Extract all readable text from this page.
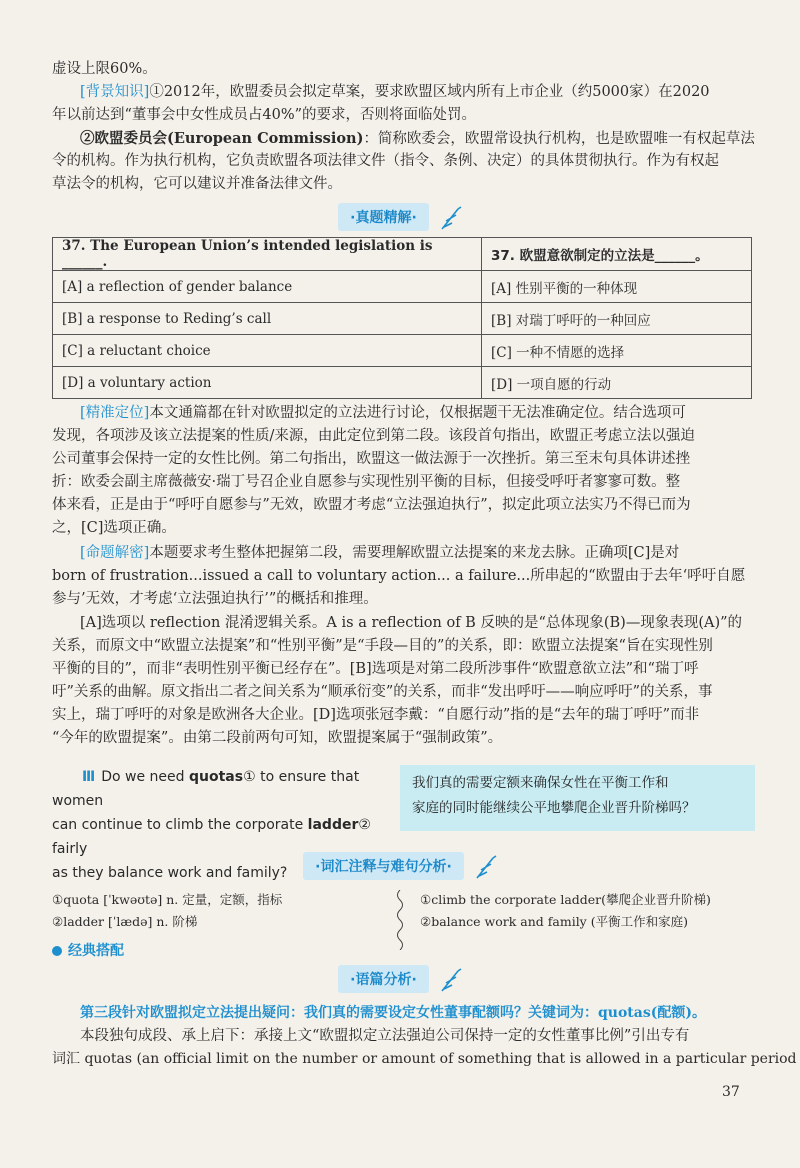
虚设上限60%。
[背景知识]①2012年，欧盟委员会拟定草案，要求欧盟区域内所有上市企业（约5000家）在2020
年以前达到“董事会中女性成员占40%”的要求，否则将面临处罚。
②欧盟委员会(European Commission)：简称欧委会，欧盟常设执行机构，也是欧盟唯一有权起草法
令的机构。作为执行机构，它负责欧盟各项法律文件（指令、条例、决定）的具体贯彻执行。作为有权起
草法令的机构，它可以建议并准备法律文件。
·真题精解·
37. The European Union’s intended legislation is ______.	37. 欧盟意欲制定的立法是______。
[A] a reflection of gender balance	[A] 性别平衡的一种体现
[B] a response to Reding’s call	[B] 对瑞丁呼吁的一种回应
[C] a reluctant choice	[C] 一种不情愿的选择
[D] a voluntary action	[D] 一项自愿的行动
[精准定位]本文通篇都在针对欧盟拟定的立法进行讨论，仅根据题干无法准确定位。结合选项可
发现，各项涉及该立法提案的性质/来源，由此定位到第二段。该段首句指出，欧盟正考虑立法以强迫
公司董事会保持一定的女性比例。第二句指出，欧盟这一做法源于一次挫折。第三至末句具体讲述挫
折：欧委会副主席薇薇安·瑞丁号召企业自愿参与实现性别平衡的目标，但接受呼吁者寥寥可数。整
体来看，正是由于“呼吁自愿参与”无效，欧盟才考虑“立法强迫执行”，拟定此项立法实乃不得已而为
之，[C]选项正确。
[命题解密]本题要求考生整体把握第二段，需要理解欧盟立法提案的来龙去脉。正确项[C]是对
born of frustration...issued a call to voluntary action... a failure...所串起的“欧盟由于去年‘呼吁自愿
参与’无效，才考虑‘立法强迫执行’”的概括和推理。
[A]选项以 reflection 混淆逻辑关系。A is a reflection of B 反映的是“总体现象(B)—现象表现(A)”的
关系，而原文中“欧盟立法提案”和“性别平衡”是“手段—目的”的关系，即：欧盟立法提案“旨在实现性别
平衡的目的”，而非“表明性别平衡已经存在”。[B]选项是对第二段所涉事件“欧盟意欲立法”和“瑞丁呼
吁”关系的曲解。原文指出二者之间关系为“顺承衍变”的关系，而非“发出呼吁——响应呼吁”的关系，事
实上，瑞丁呼吁的对象是欧洲各大企业。[D]选项张冠李戴：“自愿行动”指的是“去年的瑞丁呼吁”而非
“今年的欧盟提案”。由第二段前两句可知，欧盟提案属于“强制政策”。
Ⅲ Do we need quotas① to ensure that women
can continue to climb the corporate ladder② fairly
as they balance work and family?
我们真的需要定额来确保女性在平衡工作和
家庭的同时能继续公平地攀爬企业晋升阶梯吗？
·词汇注释与难句分析·
①quota [ˈkwəʊtə] n. 定量，定额，指标
②ladder [ˈlædə] n. 阶梯
①climb the corporate ladder(攀爬企业晋升阶梯)
②balance work and family (平衡工作和家庭)
经典搭配
·语篇分析·
第三段针对欧盟拟定立法提出疑问：我们真的需要设定女性董事配额吗？关键词为：quotas(配额)。
本段独句成段、承上启下：承接上文“欧盟拟定立法强迫公司保持一定的女性董事比例”引出专有
词汇 quotas (an official limit on the number or amount of something that is allowed in a particular period
37
